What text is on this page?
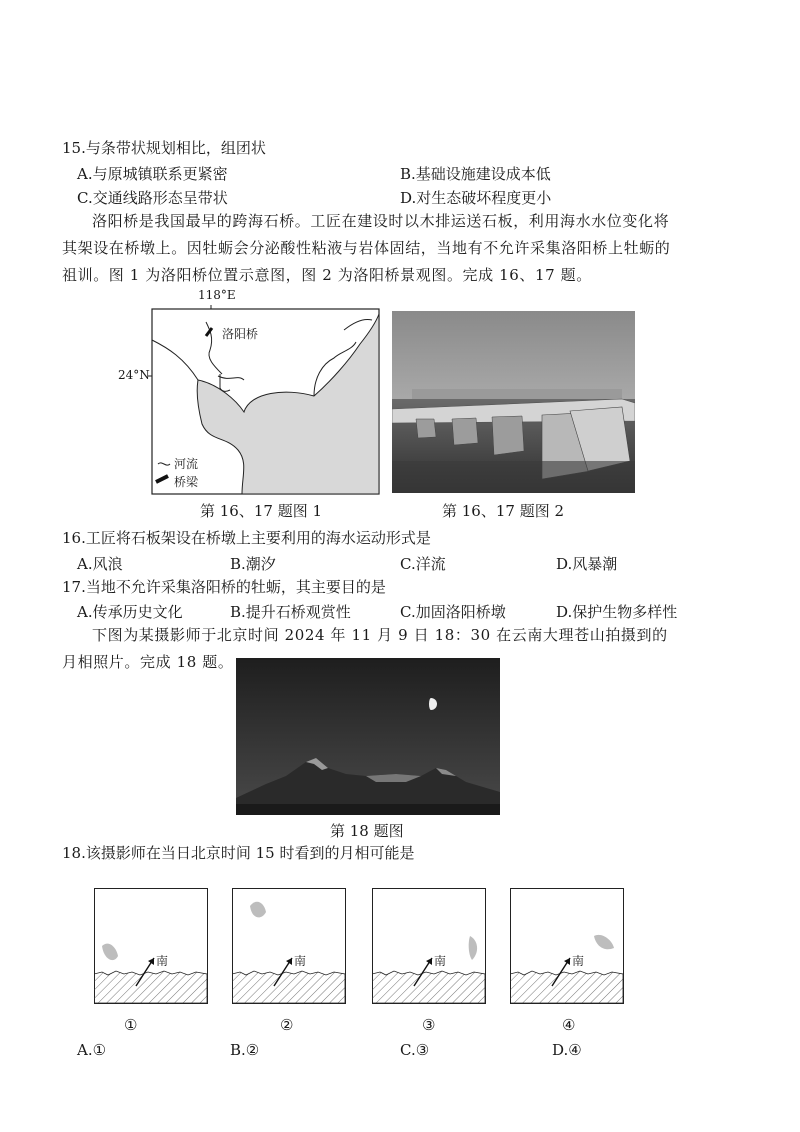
15.与条带状规划相比，组团状
A.与原城镇联系更紧密	B.基础设施建设成本低
C.交通线路形态呈带状	D.对生态破坏程度更小
洛阳桥是我国最早的跨海石桥。工匠在建设时以木排运送石板，利用海水水位变化将其架设在桥墩上。因牡蛎会分泌酸性粘液与岩体固结，当地有不允许采集洛阳桥上牡蛎的祖训。图 1 为洛阳桥位置示意图，图 2 为洛阳桥景观图。完成 16、17 题。
118°E
24°N
洛阳桥
河流
桥梁
第 16、17 题图 1	第 16、17 题图 2
16.工匠将石板架设在桥墩上主要利用的海水运动形式是
A.风浪	B.潮汐	C.洋流	D.风暴潮
17.当地不允许采集洛阳桥的牡蛎，其主要目的是
A.传承历史文化	B.提升石桥观赏性	C.加固洛阳桥墩	D.保护生物多样性
下图为某摄影师于北京时间 2024 年 11 月 9 日 18：30 在云南大理苍山拍摄到的月相照片。完成 18 题。
第 18 题图
18.该摄影师在当日北京时间 15 时看到的月相可能是
南
①
南
②
南
③
南
④
A.①	B.②	C.③	D.④
